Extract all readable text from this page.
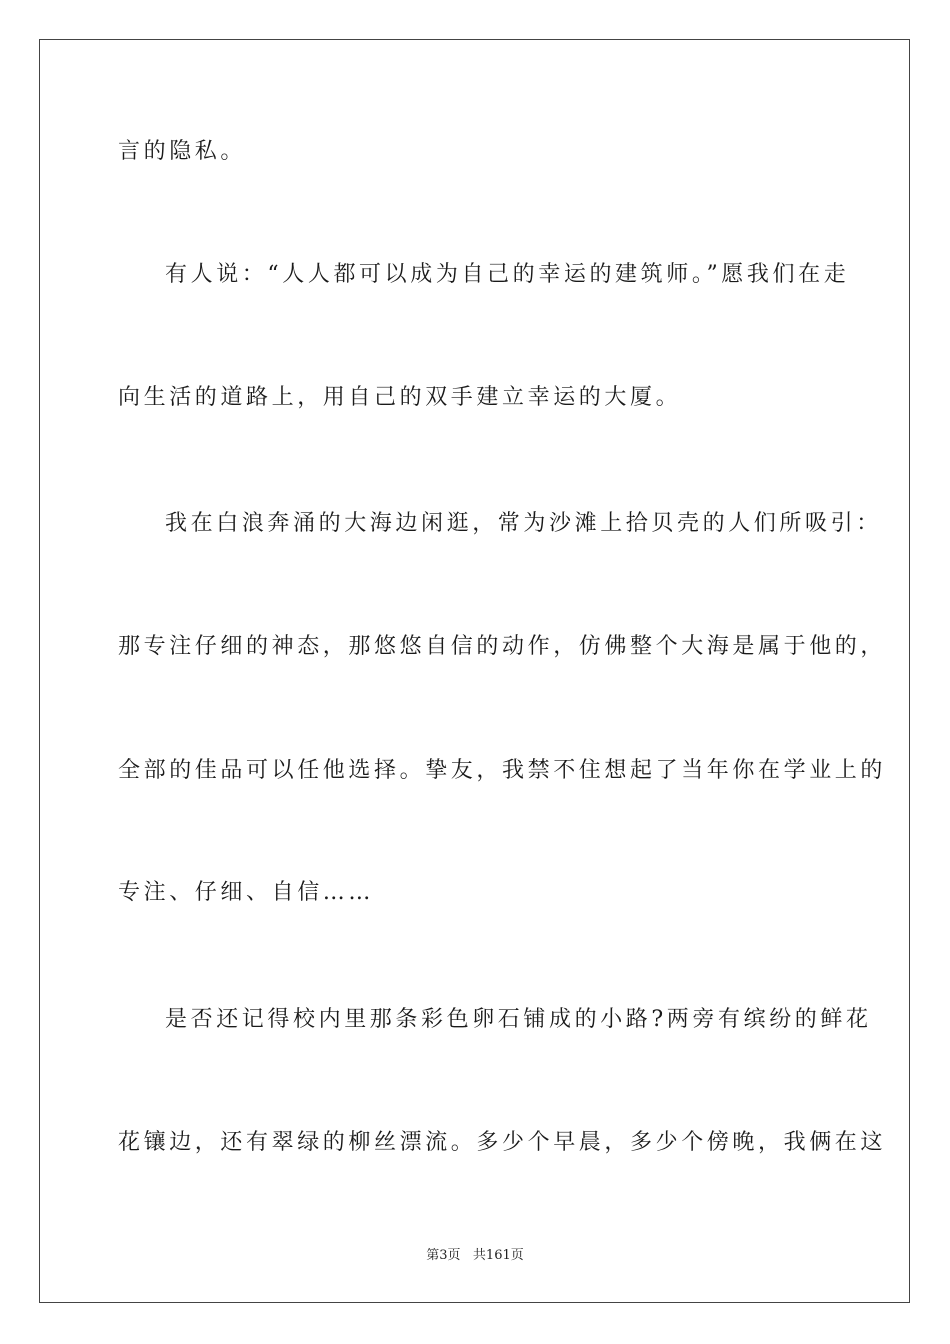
言的隐私。

有人说：“人人都可以成为自己的幸运的建筑师。”愿我们在走

向生活的道路上，用自己的双手建立幸运的大厦。

我在白浪奔涌的大海边闲逛，常为沙滩上拾贝壳的人们所吸引：

那专注仔细的神态，那悠悠自信的动作，仿佛整个大海是属于他的，

全部的佳品可以任他选择。挚友，我禁不住想起了当年你在学业上的

专注、仔细、自信……

是否还记得校内里那条彩色卵石铺成的小路?两旁有缤纷的鲜花

花镶边，还有翠绿的柳丝漂流。多少个早晨，多少个傍晚，我俩在这

第3页   共161页
